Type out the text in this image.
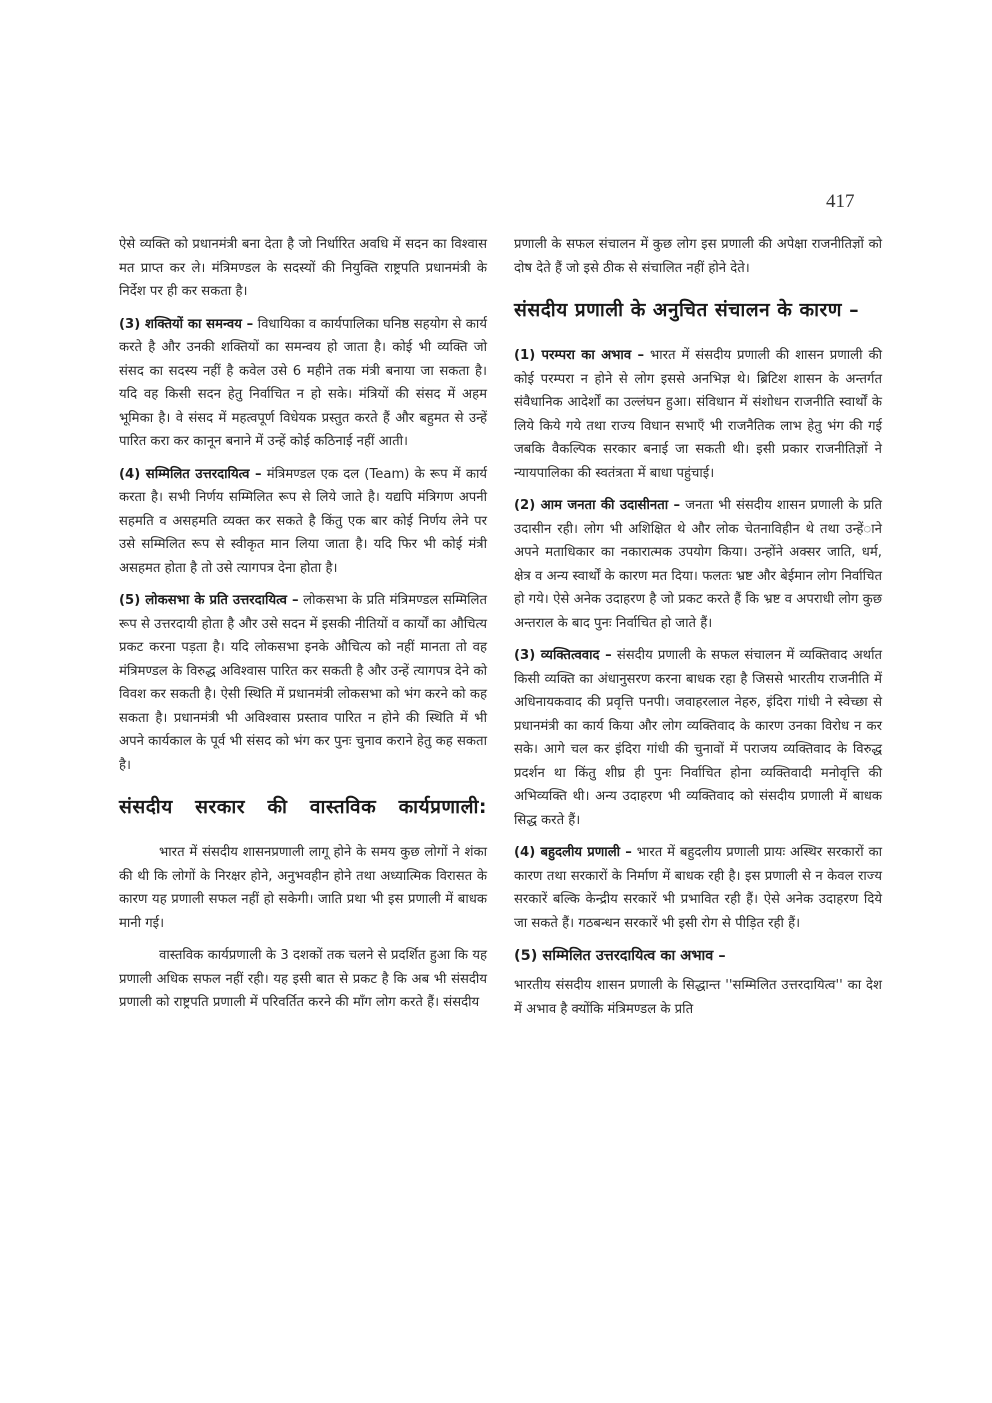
417

ऐसे व्यक्ति को प्रधानमंत्री बना देता है जो निर्धारित अवधि में सदन का विश्वास मत प्राप्त कर ले। मंत्रिमण्डल के सदस्यों की नियुक्ति राष्ट्रपति प्रधानमंत्री के निर्देश पर ही कर सकता है।

(3) शक्तियों का समन्वय – विधायिका व कार्यपालिका घनिष्ठ सहयोग से कार्य करते है और उनकी शक्तियों का समन्वय हो जाता है। कोई भी व्यक्ति जो संसद का सदस्य नहीं है कवेल उसे 6 महीने तक मंत्री बनाया जा सकता है। यदि वह किसी सदन हेतु निर्वाचित न हो सके। मंत्रियों की संसद में अहम भूमिका है। वे संसद में महत्वपूर्ण विधेयक प्रस्तुत करते हैं और बहुमत से उन्हें पारित करा कर कानून बनाने में उन्हें कोई कठिनाई नहीं आती।

(4) सम्मिलित उत्तरदायित्व – मंत्रिमण्डल एक दल (Team) के रूप में कार्य करता है। सभी निर्णय सम्मिलित रूप से लिये जाते है। यद्यपि मंत्रिगण अपनी सहमति व असहमति व्यक्त कर सकते है किंतु एक बार कोई निर्णय लेने पर उसे सम्मिलित रूप से स्वीकृत मान लिया जाता है। यदि फिर भी कोई मंत्री असहमत होता है तो उसे त्यागपत्र देना होता है।

(5) लोकसभा के प्रति उत्तरदायित्व – लोकसभा के प्रति मंत्रिमण्डल सम्मिलित रूप से उत्तरदायी होता है और उसे सदन में इसकी नीतियों व कार्यों का औचित्य प्रकट करना पड़ता है। यदि लोकसभा इनके औचित्य को नहीं मानता तो वह मंत्रिमण्डल के विरुद्ध अविश्वास पारित कर सकती है और उन्हें त्यागपत्र देने को विवश कर सकती है। ऐसी स्थिति में प्रधानमंत्री लोकसभा को भंग करने को कह सकता है। प्रधानमंत्री भी अविश्वास प्रस्ताव पारित न होने की स्थिति में भी अपने कार्यकाल के पूर्व भी संसद को भंग कर पुनः चुनाव कराने हेतु कह सकता है।

संसदीय सरकार की वास्तविक कार्यप्रणाली:

भारत में संसदीय शासनप्रणाली लागू होने के समय कुछ लोगों ने शंका की थी कि लोगों के निरक्षर होने, अनुभवहीन होने तथा अध्यात्मिक विरासत के कारण यह प्रणाली सफल नहीं हो सकेगी। जाति प्रथा भी इस प्रणाली में बाधक मानी गई।

वास्तविक कार्यप्रणाली के 3 दशकों तक चलने से प्रदर्शित हुआ कि यह प्रणाली अधिक सफल नहीं रही। यह इसी बात से प्रकट है कि अब भी संसदीय प्रणाली को राष्ट्रपति प्रणाली में परिवर्तित करने की माँग लोग करते हैं। संसदीय

प्रणाली के सफल संचालन में कुछ लोग इस प्रणाली की अपेक्षा राजनीतिज्ञों को दोष देते हैं जो इसे ठीक से संचालित नहीं होने देते।

संसदीय प्रणाली के अनुचित संचालन के कारण –

(1) परम्परा का अभाव – भारत में संसदीय प्रणाली की शासन प्रणाली की कोई परम्परा न होने से लोग इससे अनभिज्ञ थे। ब्रिटिश शासन के अन्तर्गत संवैधानिक आदेर्शों का उल्लंघन हुआ। संविधान में संशोधन राजनीति स्वार्थों के लिये किये गये तथा राज्य विधान सभाएँ भी राजनैतिक लाभ हेतु भंग की गई जबकि वैकल्पिक सरकार बनाई जा सकती थी। इसी प्रकार राजनीतिज्ञों ने न्यायपालिका की स्वतंत्रता में बाधा पहुंचाई।

(2) आम जनता की उदासीनता – जनता भी संसदीय शासन प्रणाली के प्रति उदासीन रही। लोग भी अशिक्षित थे और लोक चेतनाविहीन थे तथा उन्हेंाने अपने मताधिकार का नकारात्मक उपयोग किया। उन्होंने अक्सर जाति, धर्म, क्षेत्र व अन्य स्वार्थों के कारण मत दिया। फलतः भ्रष्ट और बेईमान लोग निर्वाचित हो गये। ऐसे अनेक उदाहरण है जो प्रकट करते हैं कि भ्रष्ट व अपराधी लोग कुछ अन्तराल के बाद पुनः निर्वाचित हो जाते हैं।

(3) व्यक्तित्ववाद – संसदीय प्रणाली के सफल संचालन में व्यक्तिवाद अर्थात किसी व्यक्ति का अंधानुसरण करना बाधक रहा है जिससे भारतीय राजनीति में अधिनायकवाद की प्रवृत्ति पनपी। जवाहरलाल नेहरु, इंदिरा गांधी ने स्वेच्छा से प्रधानमंत्री का कार्य किया और लोग व्यक्तिवाद के कारण उनका विरोध न कर सके। आगे चल कर इंदिरा गांधी की चुनावों में पराजय व्यक्तिवाद के विरुद्ध प्रदर्शन था किंतु शीघ्र ही पुनः निर्वाचित होना व्यक्तिवादी मनोवृत्ति की अभिव्यक्ति थी। अन्य उदाहरण भी व्यक्तिवाद को संसदीय प्रणाली में बाधक सिद्ध करते हैं।

(4) बहुदलीय प्रणाली – भारत में बहुदलीय प्रणाली प्रायः अस्थिर सरकारों का कारण तथा सरकारों के निर्माण में बाधक रही है। इस प्रणाली से न केवल राज्य सरकारें बल्कि केन्द्रीय सरकारें भी प्रभावित रही हैं। ऐसे अनेक उदाहरण दिये जा सकते हैं। गठबन्धन सरकारें भी इसी रोग से पीड़ित रही हैं।

(5) सम्मिलित उत्तरदायित्व का अभाव –

भारतीय संसदीय शासन प्रणाली के सिद्धान्त ''सम्मिलित उत्तरदायित्व'' का देश में अभाव है क्योंकि मंत्रिमण्डल के प्रति
